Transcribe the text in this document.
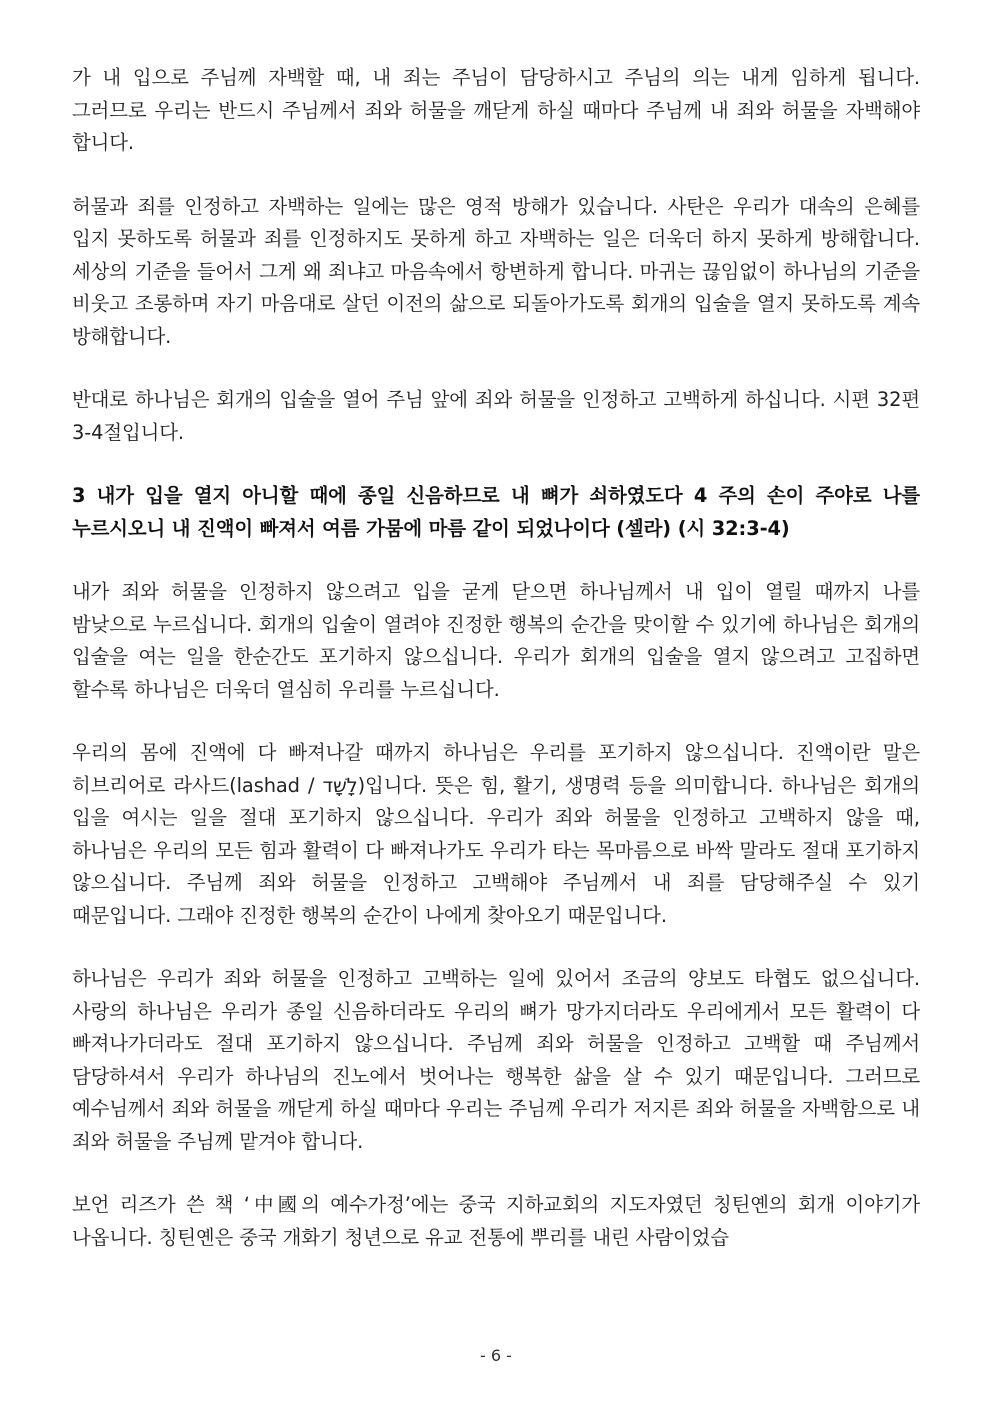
가 내 입으로 주님께 자백할 때, 내 죄는 주님이 담당하시고 주님의 의는 내게 임하게 됩니다. 그러므로 우리는 반드시 주님께서 죄와 허물을 깨닫게 하실 때마다 주님께 내 죄와 허물을 자백해야 합니다.

허물과 죄를 인정하고 자백하는 일에는 많은 영적 방해가 있습니다. 사탄은 우리가 대속의 은혜를 입지 못하도록 허물과 죄를 인정하지도 못하게 하고 자백하는 일은 더욱더 하지 못하게 방해합니다. 세상의 기준을 들어서 그게 왜 죄냐고 마음속에서 항변하게 합니다. 마귀는 끊임없이 하나님의 기준을 비웃고 조롱하며 자기 마음대로 살던 이전의 삶으로 되돌아가도록 회개의 입술을 열지 못하도록 계속 방해합니다.

반대로 하나님은 회개의 입술을 열어 주님 앞에 죄와 허물을 인정하고 고백하게 하십니다. 시편 32편 3-4절입니다.

3 내가 입을 열지 아니할 때에 종일 신음하므로 내 뼈가 쇠하였도다 4 주의 손이 주야로 나를 누르시오니 내 진액이 빠져서 여름 가뭄에 마름 같이 되었나이다 (셀라) (시 32:3-4)

내가 죄와 허물을 인정하지 않으려고 입을 굳게 닫으면 하나님께서 내 입이 열릴 때까지 나를 밤낮으로 누르십니다. 회개의 입술이 열려야 진정한 행복의 순간을 맞이할 수 있기에 하나님은 회개의 입술을 여는 일을 한순간도 포기하지 않으십니다. 우리가 회개의 입술을 열지 않으려고 고집하면 할수록 하나님은 더욱더 열심히 우리를 누르십니다.

우리의 몸에 진액에 다 빠져나갈 때까지 하나님은 우리를 포기하지 않으십니다. 진액이란 말은 히브리어로 라사드(lashad / לָשָׁד)입니다. 뜻은 힘, 활기, 생명력 등을 의미합니다. 하나님은 회개의 입을 여시는 일을 절대 포기하지 않으십니다. 우리가 죄와 허물을 인정하고 고백하지 않을 때, 하나님은 우리의 모든 힘과 활력이 다 빠져나가도 우리가 타는 목마름으로 바싹 말라도 절대 포기하지 않으십니다. 주님께 죄와 허물을 인정하고 고백해야 주님께서 내 죄를 담당해주실 수 있기 때문입니다. 그래야 진정한 행복의 순간이 나에게 찾아오기 때문입니다.

하나님은 우리가 죄와 허물을 인정하고 고백하는 일에 있어서 조금의 양보도 타협도 없으십니다. 사랑의 하나님은 우리가 종일 신음하더라도 우리의 뼈가 망가지더라도 우리에게서 모든 활력이 다 빠져나가더라도 절대 포기하지 않으십니다. 주님께 죄와 허물을 인정하고 고백할 때 주님께서 담당하셔서 우리가 하나님의 진노에서 벗어나는 행복한 삶을 살 수 있기 때문입니다. 그러므로 예수님께서 죄와 허물을 깨닫게 하실 때마다 우리는 주님께 우리가 저지른 죄와 허물을 자백함으로 내 죄와 허물을 주님께 맡겨야 합니다.

보언 리즈가 쓴 책 ‘中國의 예수가정’에는 중국 지하교회의 지도자였던 칭틴옌의 회개 이야기가 나옵니다. 칭틴옌은 중국 개화기 청년으로 유교 전통에 뿌리를 내린 사람이었습

- 6 -
